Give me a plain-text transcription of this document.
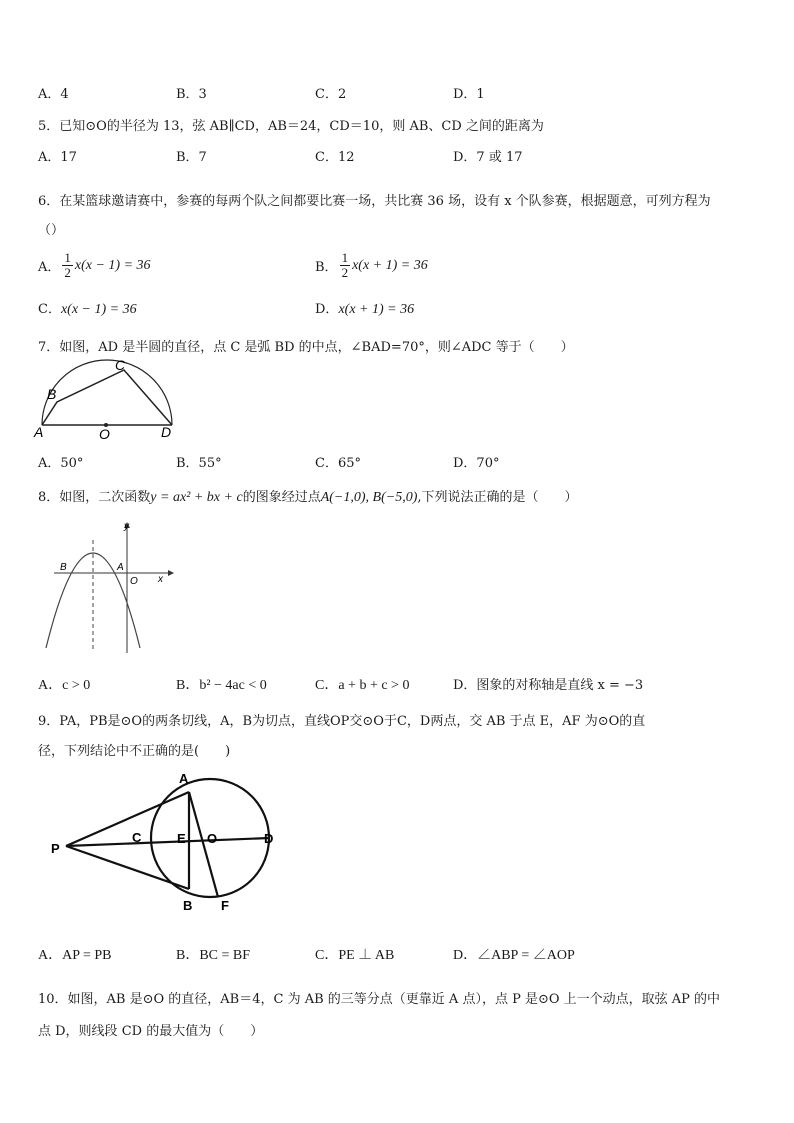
A．4	B．3	C．2	D．1
5．已知⊙O的半径为 13，弦 AB∥CD，AB＝24，CD＝10，则 AB、CD 之间的距离为
A．17	B．7	C．12	D．7 或 17
6．在某篮球邀请赛中，参赛的每两个队之间都要比赛一场，共比赛 36 场，设有 x 个队参赛，根据题意，可列方程为
（）
A． $\frac{1}{2} x(x - 1) = 36$	B． $\frac{1}{2} x(x + 1) = 36$
C．x(x − 1) = 36	D．x(x + 1) = 36
7．如图，AD 是半圆的直径，点 C 是弧 BD 的中点，∠BAD=70°，则∠ADC 等于（　　）
A
B
C
D
O
A．50°	B．55°	C．65°	D．70°
8．如图，二次函数y = ax² + bx + c的图象经过点A(−1,0), B(−5,0),下列说法正确的是（　　）
y
x
B	A
O
A．c > 0	B．b² − 4ac < 0	C．a + b + c > 0	D．图象的对称轴是直线 x = −3
9．PA，PB是⊙O的两条切线，A，B为切点，直线OP交⊙O于C，D两点，交 AB 于点 E，AF 为⊙O的直
径，下列结论中不正确的是(　　)
A
B
C	D
E O
P
F
A．AP = PB	B．BC = BF	C．PE ⊥ AB	D．∠ABP = ∠AOP
10．如图，AB 是⊙O 的直径，AB＝4，C 为 AB 的三等分点（更靠近 A 点），点 P 是⊙O 上一个动点，取弦 AP 的中
点 D，则线段 CD 的最大值为（　　）
